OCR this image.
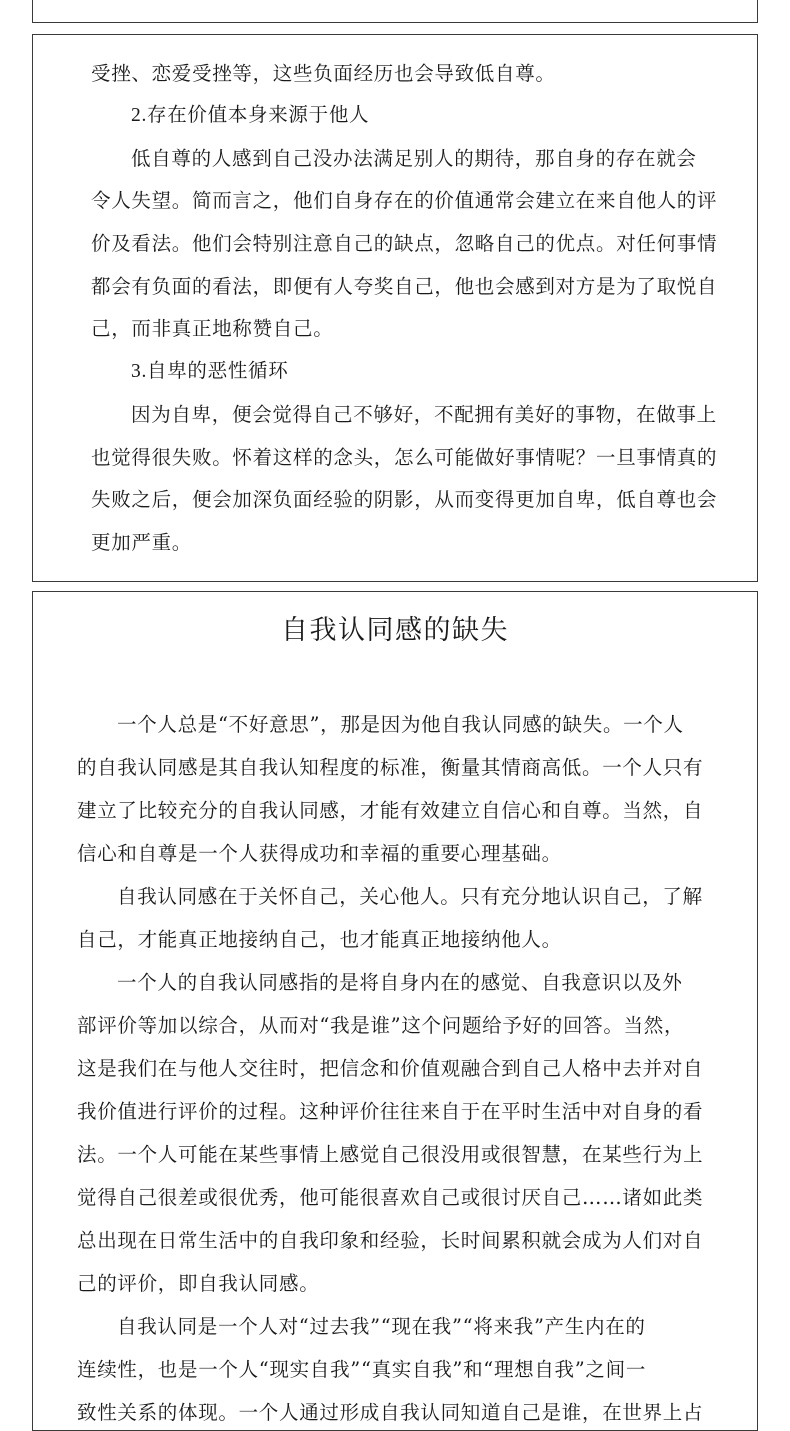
受挫、恋爱受挫等，这些负面经历也会导致低自尊。
2.存在价值本身来源于他人
低自尊的人感到自己没办法满足别人的期待，那自身的存在就会
令人失望。简而言之，他们自身存在的价值通常会建立在来自他人的评
价及看法。他们会特别注意自己的缺点，忽略自己的优点。对任何事情
都会有负面的看法，即便有人夸奖自己，他也会感到对方是为了取悦自
己，而非真正地称赞自己。
3.自卑的恶性循环
因为自卑，便会觉得自己不够好，不配拥有美好的事物，在做事上
也觉得很失败。怀着这样的念头，怎么可能做好事情呢？一旦事情真的
失败之后，便会加深负面经验的阴影，从而变得更加自卑，低自尊也会
更加严重。
自我认同感的缺失
一个人总是“不好意思”，那是因为他自我认同感的缺失。一个人
的自我认同感是其自我认知程度的标准，衡量其情商高低。一个人只有
建立了比较充分的自我认同感，才能有效建立自信心和自尊。当然，自
信心和自尊是一个人获得成功和幸福的重要心理基础。
自我认同感在于关怀自己，关心他人。只有充分地认识自己，了解
自己，才能真正地接纳自己，也才能真正地接纳他人。
一个人的自我认同感指的是将自身内在的感觉、自我意识以及外
部评价等加以综合，从而对“我是谁”这个问题给予好的回答。当然，
这是我们在与他人交往时，把信念和价值观融合到自己人格中去并对自
我价值进行评价的过程。这种评价往往来自于在平时生活中对自身的看
法。一个人可能在某些事情上感觉自己很没用或很智慧，在某些行为上
觉得自己很差或很优秀，他可能很喜欢自己或很讨厌自己……诸如此类
总出现在日常生活中的自我印象和经验，长时间累积就会成为人们对自
己的评价，即自我认同感。
自我认同是一个人对“过去我”“现在我”“将来我”产生内在的
连续性，也是一个人“现实自我”“真实自我”和“理想自我”之间一
致性关系的体现。一个人通过形成自我认同知道自己是谁，在世界上占
